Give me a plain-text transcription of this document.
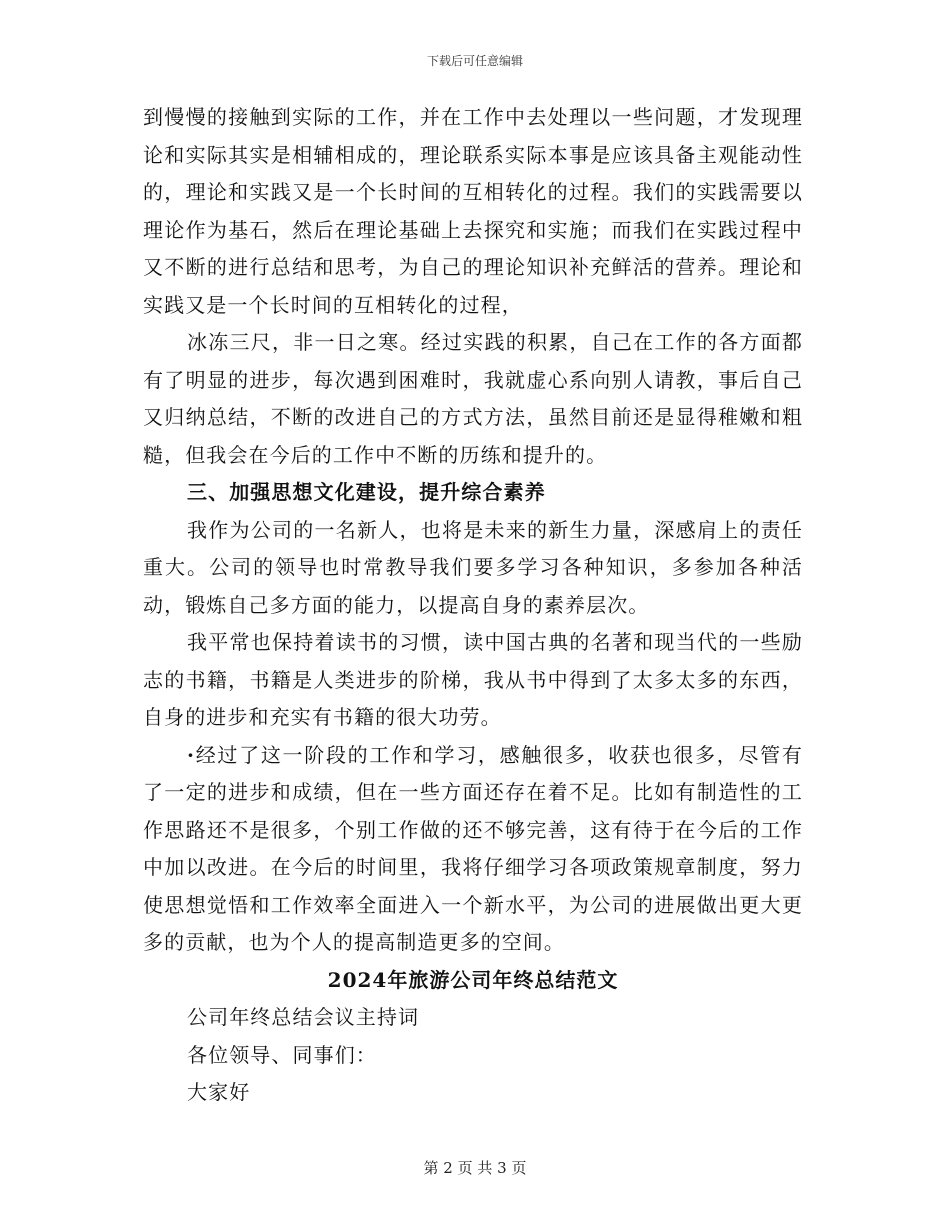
下载后可任意编辑

到慢慢的接触到实际的工作，并在工作中去处理以一些问题，才发现理论和实际其实是相辅相成的，理论联系实际本事是应该具备主观能动性的，理论和实践又是一个长时间的互相转化的过程。我们的实践需要以理论作为基石，然后在理论基础上去探究和实施；而我们在实践过程中又不断的进行总结和思考，为自己的理论知识补充鲜活的营养。理论和实践又是一个长时间的互相转化的过程，

冰冻三尺，非一日之寒。经过实践的积累，自己在工作的各方面都有了明显的进步，每次遇到困难时，我就虚心系向别人请教，事后自己又归纳总结，不断的改进自己的方式方法，虽然目前还是显得稚嫩和粗糙，但我会在今后的工作中不断的历练和提升的。

三、加强思想文化建设，提升综合素养

我作为公司的一名新人，也将是未来的新生力量，深感肩上的责任重大。公司的领导也时常教导我们要多学习各种知识，多参加各种活动，锻炼自己多方面的能力，以提高自身的素养层次。

我平常也保持着读书的习惯，读中国古典的名著和现当代的一些励志的书籍，书籍是人类进步的阶梯，我从书中得到了太多太多的东西，自身的进步和充实有书籍的很大功劳。

·经过了这一阶段的工作和学习，感触很多，收获也很多，尽管有了一定的进步和成绩，但在一些方面还存在着不足。比如有制造性的工作思路还不是很多，个别工作做的还不够完善，这有待于在今后的工作中加以改进。在今后的时间里，我将仔细学习各项政策规章制度，努力使思想觉悟和工作效率全面进入一个新水平，为公司的进展做出更大更多的贡献，也为个人的提高制造更多的空间。

2024年旅游公司年终总结范文

公司年终总结会议主持词

各位领导、同事们：

大家好

第 2 页 共 3 页
